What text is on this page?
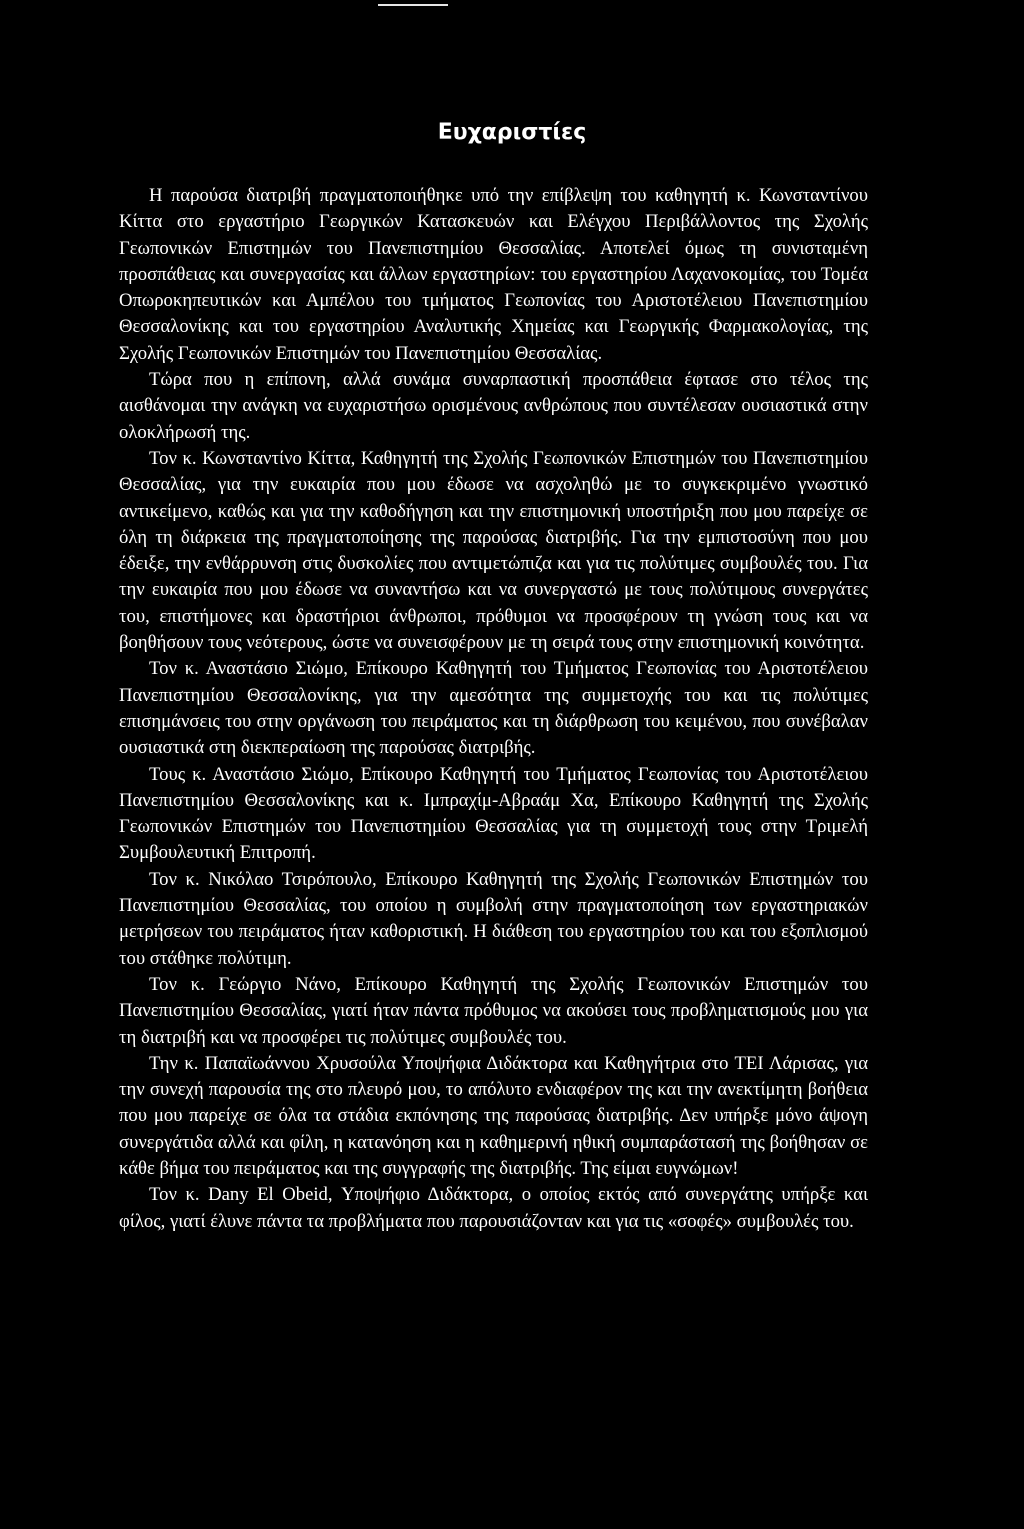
Ευχαριστίες

Η παρούσα διατριβή πραγματοποιήθηκε υπό την επίβλεψη του καθηγητή κ. Κωνσταντίνου Κίττα στο εργαστήριο Γεωργικών Κατασκευών και Ελέγχου Περιβάλλοντος της Σχολής Γεωπονικών Επιστημών του Πανεπιστημίου Θεσσαλίας. Αποτελεί όμως τη συνισταμένη προσπάθειας και συνεργασίας και άλλων εργαστηρίων: του εργαστηρίου Λαχανοκομίας, του Τομέα Οπωροκηπευτικών και Αμπέλου του τμήματος Γεωπονίας του Αριστοτέλειου Πανεπιστημίου Θεσσαλονίκης και του εργαστηρίου Αναλυτικής Χημείας και Γεωργικής Φαρμακολογίας, της Σχολής Γεωπονικών Επιστημών του Πανεπιστημίου Θεσσαλίας.

Τώρα που η επίπονη, αλλά συνάμα συναρπαστική προσπάθεια έφτασε στο τέλος της αισθάνομαι την ανάγκη να ευχαριστήσω ορισμένους ανθρώπους που συντέλεσαν ουσιαστικά στην ολοκλήρωσή της.

Τον κ. Κωνσταντίνο Κίττα, Καθηγητή της Σχολής Γεωπονικών Επιστημών του Πανεπιστημίου Θεσσαλίας, για την ευκαιρία που μου έδωσε να ασχοληθώ με το συγκεκριμένο γνωστικό αντικείμενο, καθώς και για την καθοδήγηση και την επιστημονική υποστήριξη που μου παρείχε σε όλη τη διάρκεια της πραγματοποίησης της παρούσας διατριβής. Για την εμπιστοσύνη που μου έδειξε, την ενθάρρυνση στις δυσκολίες που αντιμετώπιζα και για τις πολύτιμες συμβουλές του. Για την ευκαιρία που μου έδωσε να συναντήσω και να συνεργαστώ με τους πολύτιμους συνεργάτες του, επιστήμονες και δραστήριοι άνθρωποι, πρόθυμοι να προσφέρουν τη γνώση τους και να βοηθήσουν τους νεότερους, ώστε να συνεισφέρουν με τη σειρά τους στην επιστημονική κοινότητα.

Τον κ. Αναστάσιο Σιώμο, Επίκουρο Καθηγητή του Τμήματος Γεωπονίας του Αριστοτέλειου Πανεπιστημίου Θεσσαλονίκης, για την αμεσότητα της συμμετοχής του και τις πολύτιμες επισημάνσεις του στην οργάνωση του πειράματος και τη διάρθρωση του κειμένου, που συνέβαλαν ουσιαστικά στη διεκπεραίωση της παρούσας διατριβής.

Τους κ. Αναστάσιο Σιώμο, Επίκουρο Καθηγητή του Τμήματος Γεωπονίας του Αριστοτέλειου Πανεπιστημίου Θεσσαλονίκης και κ. Ιμπραχίμ-Αβραάμ Χα, Επίκουρο Καθηγητή της Σχολής Γεωπονικών Επιστημών του Πανεπιστημίου Θεσσαλίας για τη συμμετοχή τους στην Τριμελή Συμβουλευτική Επιτροπή.

Τον κ. Νικόλαο Τσιρόπουλο, Επίκουρο Καθηγητή της Σχολής Γεωπονικών Επιστημών του Πανεπιστημίου Θεσσαλίας, του οποίου η συμβολή στην πραγματοποίηση των εργαστηριακών μετρήσεων του πειράματος ήταν καθοριστική. Η διάθεση του εργαστηρίου του και του εξοπλισμού του στάθηκε πολύτιμη.

Τον κ. Γεώργιο Νάνο, Επίκουρο Καθηγητή της Σχολής Γεωπονικών Επιστημών του Πανεπιστημίου Θεσσαλίας, γιατί ήταν πάντα πρόθυμος να ακούσει τους προβληματισμούς μου για τη διατριβή και να προσφέρει τις πολύτιμες συμβουλές του.

Την κ. Παπαϊωάννου Χρυσούλα Υποψήφια Διδάκτορα και Καθηγήτρια στο ΤΕΙ Λάρισας, για την συνεχή παρουσία της στο πλευρό μου, το απόλυτο ενδιαφέρον της και την ανεκτίμητη βοήθεια που μου παρείχε σε όλα τα στάδια εκπόνησης της παρούσας διατριβής. Δεν υπήρξε μόνο άψογη συνεργάτιδα αλλά και φίλη, η κατανόηση και η καθημερινή ηθική συμπαράστασή της βοήθησαν σε κάθε βήμα του πειράματος και της συγγραφής της διατριβής. Της είμαι ευγνώμων!

Τον κ. Dany El Obeid, Υποψήφιο Διδάκτορα, ο οποίος εκτός από συνεργάτης υπήρξε και φίλος, γιατί έλυνε πάντα τα προβλήματα που παρουσιάζονταν και για τις «σοφές» συμβουλές του.
